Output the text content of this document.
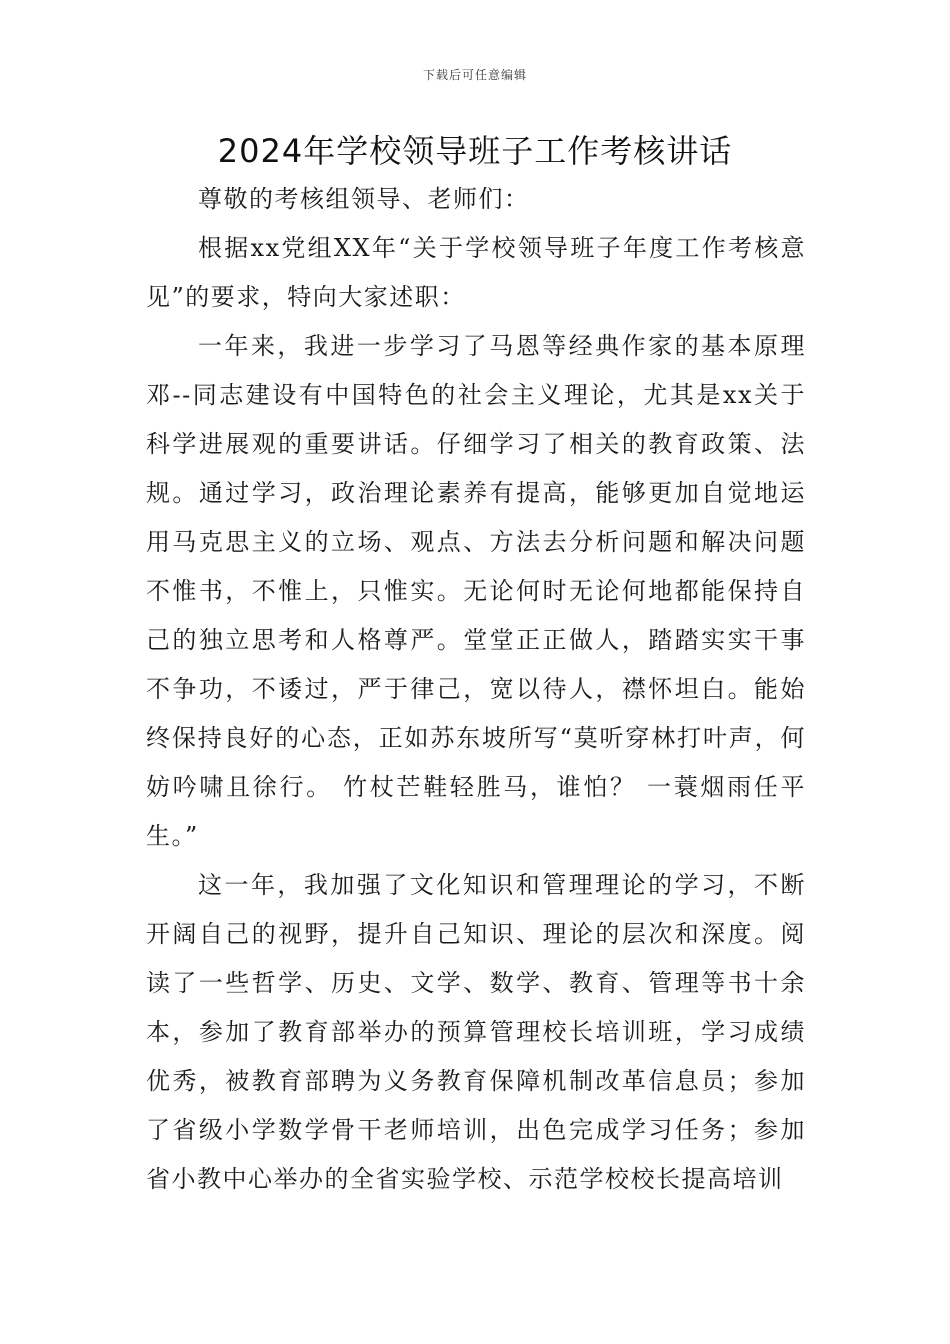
下载后可任意编辑
2024年学校领导班子工作考核讲话

尊敬的考核组领导、老师们：

根据xx党组XX年“关于学校领导班子年度工作考核意见”的要求，特向大家述职：

一年来，我进一步学习了马恩等经典作家的基本原理邓--同志建设有中国特色的社会主义理论，尤其是xx关于科学进展观的重要讲话。仔细学习了相关的教育政策、法规。通过学习，政治理论素养有提高，能够更加自觉地运用马克思主义的立场、观点、方法去分析问题和解决问题不惟书，不惟上，只惟实。无论何时无论何地都能保持自己的独立思考和人格尊严。堂堂正正做人，踏踏实实干事不争功，不诿过，严于律己，宽以待人，襟怀坦白。能始终保持良好的心态，正如苏东坡所写“莫听穿林打叶声，何妨吟啸且徐行。 竹杖芒鞋轻胜马，谁怕？ 一蓑烟雨任平生。”

这一年，我加强了文化知识和管理理论的学习，不断开阔自己的视野，提升自己知识、理论的层次和深度。阅读了一些哲学、历史、文学、数学、教育、管理等书十余本，参加了教育部举办的预算管理校长培训班，学习成绩优秀，被教育部聘为义务教育保障机制改革信息员；参加了省级小学数学骨干老师培训，出色完成学习任务；参加省小教中心举办的全省实验学校、示范学校校长提高培训
